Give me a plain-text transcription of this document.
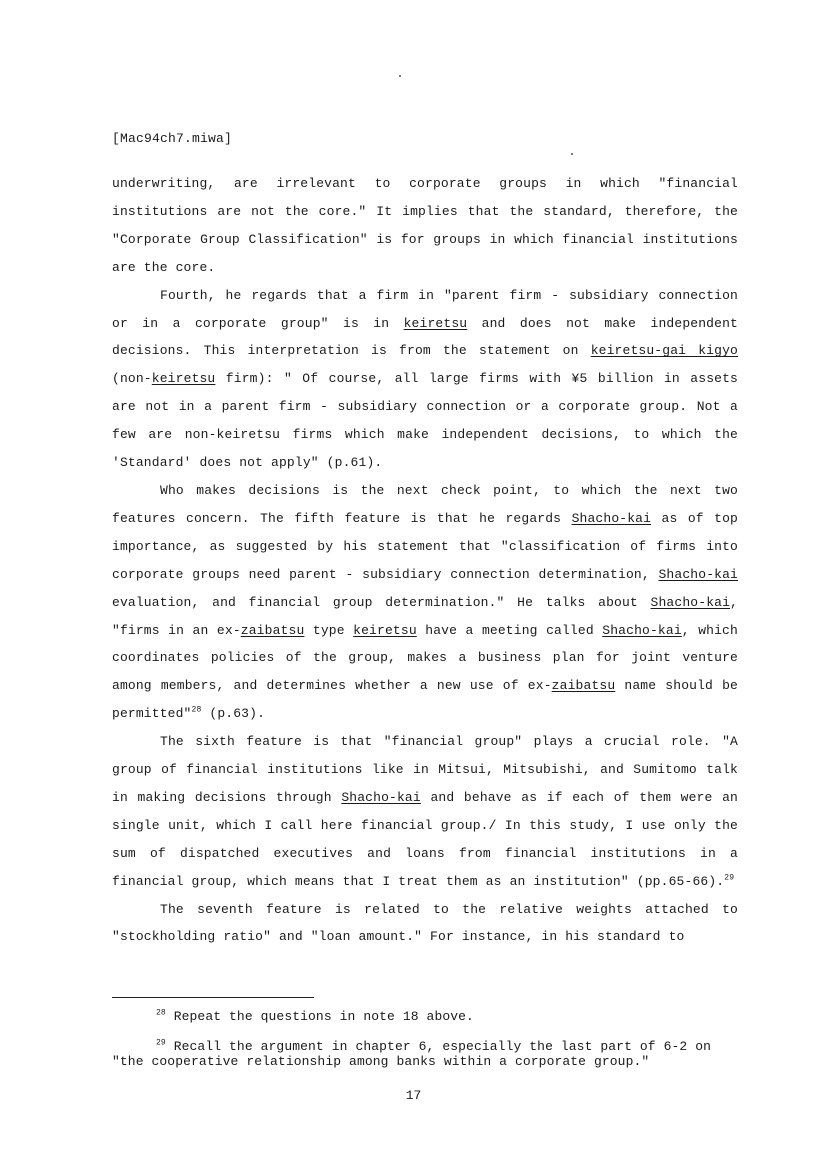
[Mac94ch7.miwa]

underwriting, are irrelevant to corporate groups in which "financial institutions are not the core." It implies that the standard, therefore, the "Corporate Group Classification" is for groups in which financial institutions are the core.

Fourth, he regards that a firm in "parent firm - subsidiary connection or in a corporate group" is in keiretsu and does not make independent decisions. This interpretation is from the statement on keiretsu-gai kigyo (non-keiretsu firm): " Of course, all large firms with ¥5 billion in assets are not in a parent firm - subsidiary connection or a corporate group. Not a few are non-keiretsu firms which make independent decisions, to which the 'Standard' does not apply" (p.61).

Who makes decisions is the next check point, to which the next two features concern. The fifth feature is that he regards Shacho-kai as of top importance, as suggested by his statement that "classification of firms into corporate groups need parent - subsidiary connection determination, Shacho-kai evaluation, and financial group determination." He talks about Shacho-kai, "firms in an ex-zaibatsu type keiretsu have a meeting called Shacho-kai, which coordinates policies of the group, makes a business plan for joint venture among members, and determines whether a new use of ex-zaibatsu name should be permitted"$^{28}$ (p.63).

The sixth feature is that "financial group" plays a crucial role. "A group of financial institutions like in Mitsui, Mitsubishi, and Sumitomo talk in making decisions through Shacho-kai and behave as if each of them were an single unit, which I call here financial group./ In this study, I use only the sum of dispatched executives and loans from financial institutions in a financial group, which means that I treat them as an institution" (pp.65-66).$^{29}$

The seventh feature is related to the relative weights attached to "stockholding ratio" and "loan amount." For instance, in his standard to

$^{28}$ Repeat the questions in note 18 above.

$^{29}$ Recall the argument in chapter 6, especially the last part of 6-2 on "the cooperative relationship among banks within a corporate group."

17
